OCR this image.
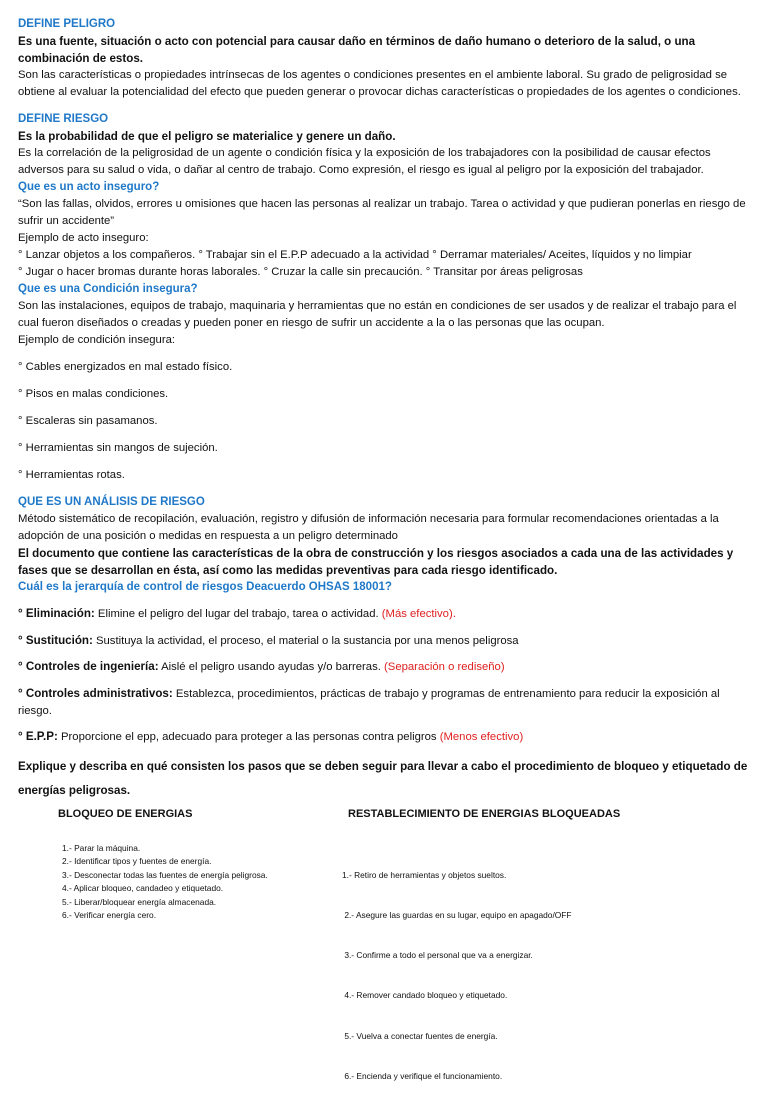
DEFINE PELIGRO
Es una fuente, situación o acto con potencial para causar daño en términos de daño humano o deterioro de la salud, o una combinación de estos.
Son las características o propiedades intrínsecas de los agentes o condiciones presentes en el ambiente laboral. Su grado de peligrosidad se obtiene al evaluar la potencialidad del efecto que pueden generar o provocar dichas características o propiedades de los agentes o condiciones.
DEFINE RIESGO
Es la probabilidad de que el peligro se materialice y genere un daño.
Es la correlación de la peligrosidad de un agente o condición física y la exposición de los trabajadores con la posibilidad de causar efectos adversos para su salud o vida, o dañar al centro de trabajo. Como expresión, el riesgo es igual al peligro por la exposición del trabajador.
Que es un acto inseguro?
“Son las fallas, olvidos, errores u omisiones que hacen las personas al realizar un trabajo. Tarea o actividad y que pudieran ponerlas en riesgo de sufrir un accidente”
Ejemplo de acto inseguro:
° Lanzar objetos a los compañeros. ° Trabajar sin el E.P.P adecuado a la actividad ° Derramar materiales/ Aceites, líquidos y no limpiar
° Jugar o hacer bromas durante horas laborales. ° Cruzar la calle sin precaución. ° Transitar por áreas peligrosas
Que es una Condición insegura?
Son las instalaciones, equipos de trabajo, maquinaria y herramientas que no están en condiciones de ser usados y de realizar el trabajo para el cual fueron diseñados o creadas y pueden poner en riesgo de sufrir un accidente a la o las personas que las ocupan.
Ejemplo de condición insegura:
° Cables energizados en mal estado físico.
° Pisos en malas condiciones.
° Escaleras sin pasamanos.
° Herramientas sin mangos de sujeción.
° Herramientas rotas.
QUE ES UN ANÁLISIS DE RIESGO
Método sistemático de recopilación, evaluación, registro y difusión de información necesaria para formular recomendaciones orientadas a la adopción de una posición o medidas en respuesta a un peligro determinado
El documento que contiene las características de la obra de construcción y los riesgos asociados a cada una de las actividades y fases que se desarrollan en ésta, así como las medidas preventivas para cada riesgo identificado.
Cuál es la jerarquía de control de riesgos Deacuerdo OHSAS 18001?
° Eliminación: Elimine el peligro del lugar del trabajo, tarea o actividad. (Más efectivo).
° Sustitución: Sustituya la actividad, el proceso, el material o la sustancia por una menos peligrosa
° Controles de ingeniería: Aislé el peligro usando ayudas y/o barreras. (Separación o rediseño)
° Controles administrativos: Establezca, procedimientos, prácticas de trabajo y programas de entrenamiento para reducir la exposición al riesgo.
° E.P.P: Proporcione el epp, adecuado para proteger a las personas contra peligros (Menos efectivo)
Explique y describa en qué consisten los pasos que se deben seguir para llevar a cabo el procedimiento de bloqueo y etiquetado de energías peligrosas.
BLOQUEO DE ENERGIAS
1.- Parar la máquina.
2.- Identificar tipos y fuentes de energía.
3.- Desconectar todas las fuentes de energía peligrosa.
4.- Aplicar bloqueo, candadeo y etiquetado.
5.- Liberar/bloquear energía almacenada.
6.- Verificar energía cero.
RESTABLECIMIENTO DE ENERGIAS BLOQUEADAS

1.- Retiro de herramientas y objetos sueltos.

2.- Asegure las guardas en su lugar, equipo en apagado/OFF

3.- Confirme a todo el personal que va a energizar.

4.- Remover candado bloqueo y etiquetado.

5.- Vuelva a conectar fuentes de energía.

6.- Encienda y verifique el funcionamiento.
